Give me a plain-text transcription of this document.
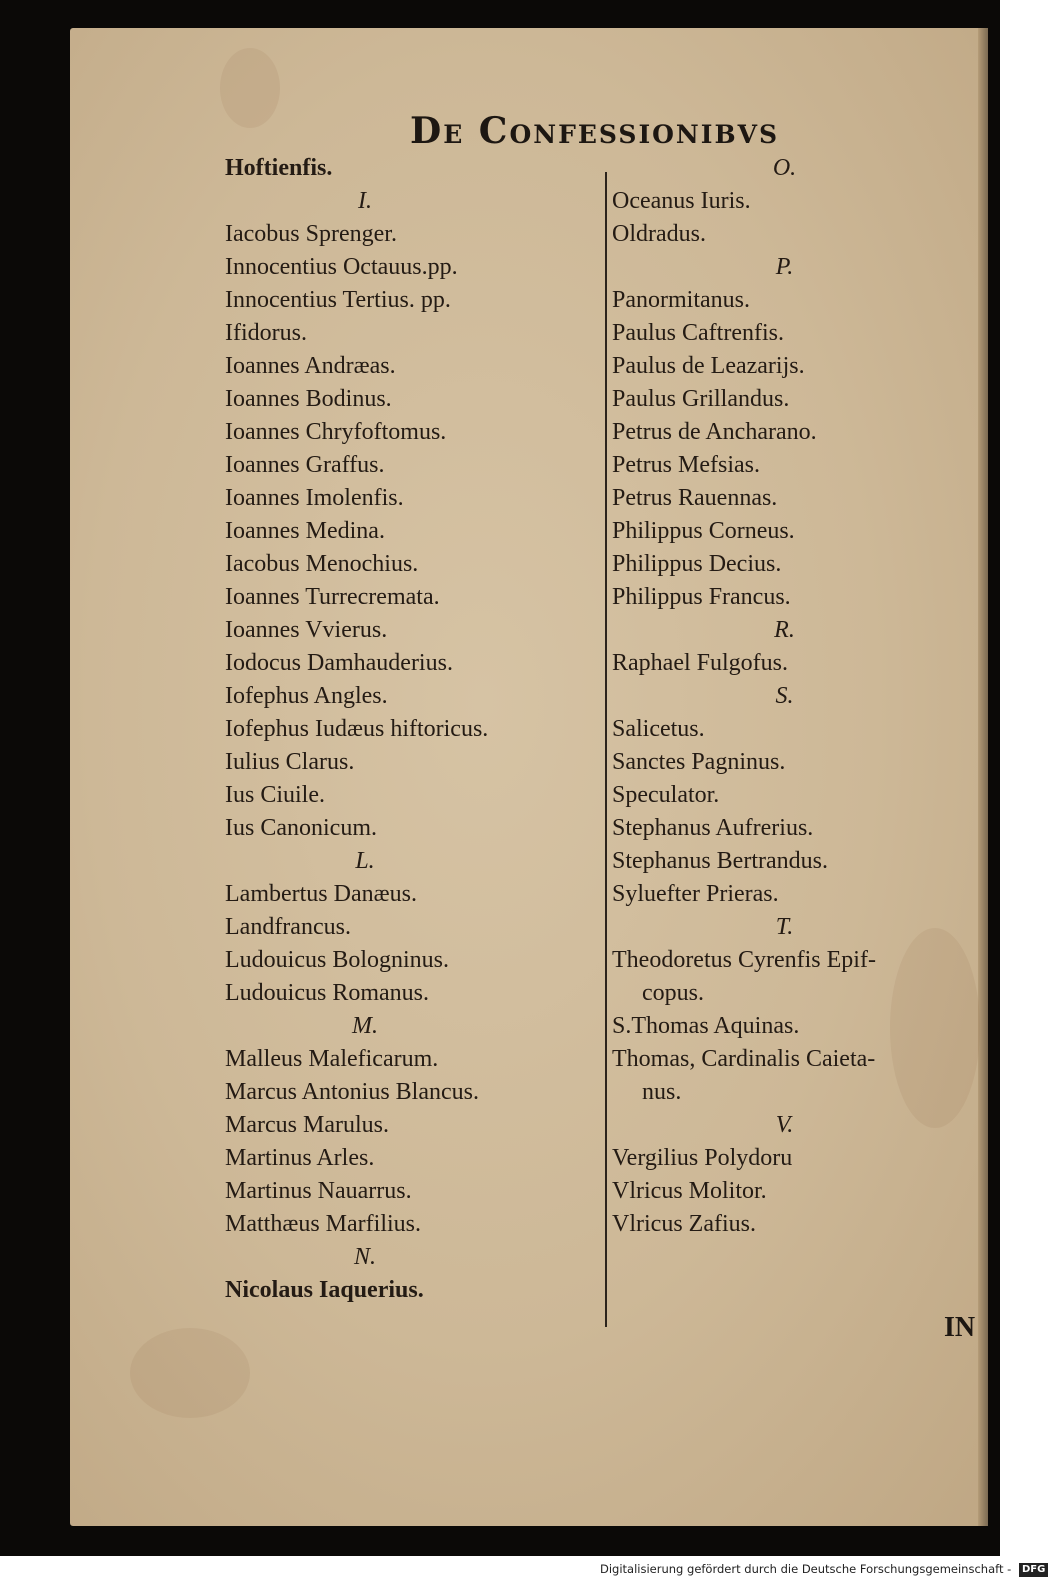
De Confessionibvs
Hoftienfis.
I.
Iacobus Sprenger.
Innocentius Octauus.pp.
Innocentius Tertius. pp.
Ifidorus.
Ioannes Andræas.
Ioannes Bodinus.
Ioannes Chryfoftomus.
Ioannes Graffus.
Ioannes Imolenfis.
Ioannes Medina.
Iacobus Menochius.
Ioannes Turrecremata.
Ioannes Vvierus.
Iodocus Damhauderius.
Iofephus Angles.
Iofephus Iudæus hiftoricus.
Iulius Clarus.
Ius Ciuile.
Ius Canonicum.
L.
Lambertus Danæus.
Landfrancus.
Ludouicus Bologninus.
Ludouicus Romanus.
M.
Malleus Maleficarum.
Marcus Antonius Blancus.
Marcus Marulus.
Martinus Arles.
Martinus Nauarrus.
Matthæus Marfilius.
N.
Nicolaus Iaquerius.
O.
Oceanus Iuris.
Oldradus.
P.
Panormitanus.
Paulus Caftrenfis.
Paulus de Leazarijs.
Paulus Grillandus.
Petrus de Ancharano.
Petrus Mefsias.
Petrus Rauennas.
Philippus Corneus.
Philippus Decius.
Philippus Francus.
R.
Raphael Fulgofus.
S.
Salicetus.
Sanctes Pagninus.
Speculator.
Stephanus Aufrerius.
Stephanus Bertrandus.
Syluefter Prieras.
T.
Theodoretus Cyrenfis Epif-
copus.
S.Thomas Aquinas.
Thomas, Cardinalis Caieta-
nus.
V.
Vergilius Polydoru
Vlricus Molitor.
Vlricus Zafius.
IN
Digitalisierung gefördert durch die Deutsche Forschungsgemeinschaft - DFG
